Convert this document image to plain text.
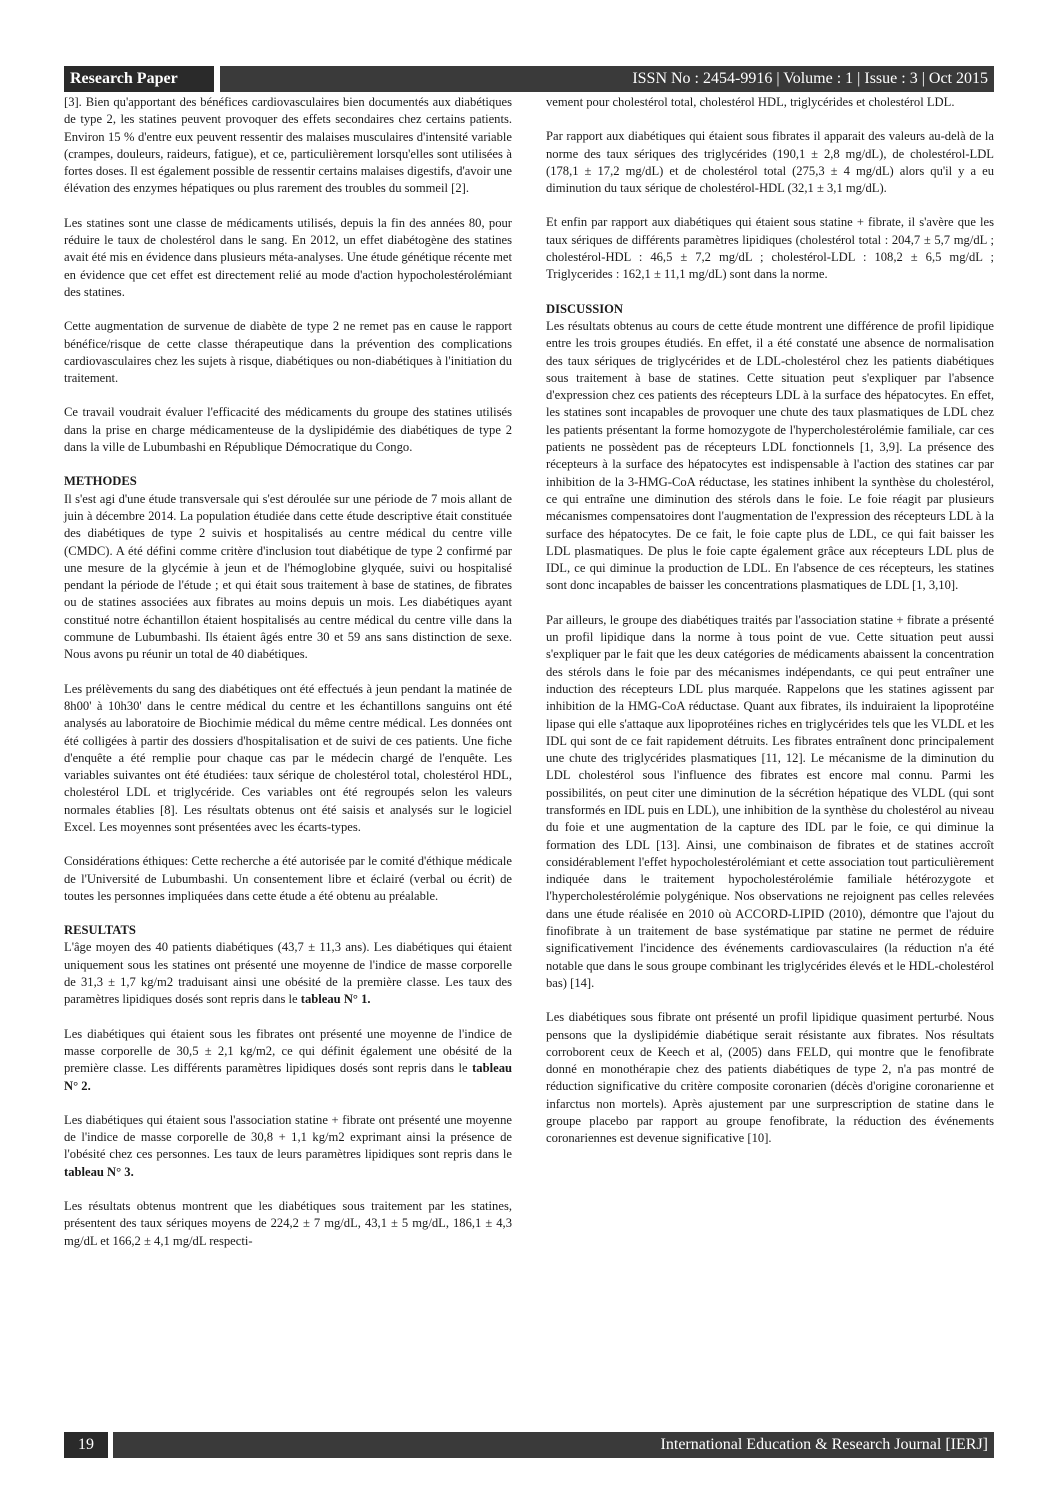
Research Paper	ISSN No : 2454-9916 | Volume : 1 | Issue : 3 | Oct 2015

[3]. Bien qu'apportant des bénéfices cardiovasculaires bien documentés aux diabétiques de type 2, les statines peuvent provoquer des effets secondaires chez certains patients. Environ 15 % d'entre eux peuvent ressentir des malaises musculaires d'intensité variable (crampes, douleurs, raideurs, fatigue), et ce, particulièrement lorsqu'elles sont utilisées à fortes doses. Il est également possible de ressentir certains malaises digestifs, d'avoir une élévation des enzymes hépatiques ou plus rarement des troubles du sommeil [2].

Les statines sont une classe de médicaments utilisés, depuis la fin des années 80, pour réduire le taux de cholestérol dans le sang. En 2012, un effet diabétogène des statines avait été mis en évidence dans plusieurs méta-analyses. Une étude génétique récente met en évidence que cet effet est directement relié au mode d'action hypocholestérolémiant des statines.

Cette augmentation de survenue de diabète de type 2 ne remet pas en cause le rapport bénéfice/risque de cette classe thérapeutique dans la prévention des complications cardiovasculaires chez les sujets à risque, diabétiques ou non-diabétiques à l'initiation du traitement.

Ce travail voudrait évaluer l'efficacité des médicaments du groupe des statines utilisés dans la prise en charge médicamenteuse de la dyslipidémie des diabétiques de type 2 dans la ville de Lubumbashi en République Démocratique du Congo.

METHODES

Il s'est agi d'une étude transversale qui s'est déroulée sur une période de 7 mois allant de juin à décembre 2014. La population étudiée dans cette étude descriptive était constituée des diabétiques de type 2 suivis et hospitalisés au centre médical du centre ville (CMDC). A été défini comme critère d'inclusion tout diabétique de type 2 confirmé par une mesure de la glycémie à jeun et de l'hémoglobine glyquée, suivi ou hospitalisé pendant la période de l'étude ; et qui était sous traitement à base de statines, de fibrates ou de statines associées aux fibrates au moins depuis un mois. Les diabétiques ayant constitué notre échantillon étaient hospitalisés au centre médical du centre ville dans la commune de Lubumbashi. Ils étaient âgés entre 30 et 59 ans sans distinction de sexe. Nous avons pu réunir un total de 40 diabétiques.

Les prélèvements du sang des diabétiques ont été effectués à jeun pendant la matinée de 8h00' à 10h30' dans le centre médical du centre et les échantillons sanguins ont été analysés au laboratoire de Biochimie médical du même centre médical. Les données ont été colligées à partir des dossiers d'hospitalisation et de suivi de ces patients. Une fiche d'enquête a été remplie pour chaque cas par le médecin chargé de l'enquête. Les variables suivantes ont été étudiées: taux sérique de cholestérol total, cholestérol HDL, cholestérol LDL et triglycéride. Ces variables ont été regroupés selon les valeurs normales établies [8]. Les résultats obtenus ont été saisis et analysés sur le logiciel Excel. Les moyennes sont présentées avec les écarts-types.

Considérations éthiques: Cette recherche a été autorisée par le comité d'éthique médicale de l'Université de Lubumbashi. Un consentement libre et éclairé (verbal ou écrit) de toutes les personnes impliquées dans cette étude a été obtenu au préalable.

RESULTATS

L'âge moyen des 40 patients diabétiques (43,7 ± 11,3 ans). Les diabétiques qui étaient uniquement sous les statines ont présenté une moyenne de l'indice de masse corporelle de 31,3 ± 1,7 kg/m2 traduisant ainsi une obésité de la première classe. Les taux des paramètres lipidiques dosés sont repris dans le tableau N° 1.

Les diabétiques qui étaient sous les fibrates ont présenté une moyenne de l'indice de masse corporelle de 30,5 ± 2,1 kg/m2, ce qui définit également une obésité de la première classe. Les différents paramètres lipidiques dosés sont repris dans le tableau N° 2.

Les diabétiques qui étaient sous l'association statine + fibrate ont présenté une moyenne de l'indice de masse corporelle de 30,8 + 1,1 kg/m2 exprimant ainsi la présence de l'obésité chez ces personnes. Les taux de leurs paramètres lipidiques sont repris dans le tableau N° 3.

Les résultats obtenus montrent que les diabétiques sous traitement par les statines, présentent des taux sériques moyens de 224,2 ± 7 mg/dL, 43,1 ± 5 mg/dL, 186,1 ± 4,3 mg/dL et 166,2 ± 4,1 mg/dL respecti-

vement pour cholestérol total, cholestérol HDL, triglycérides et cholestérol LDL.

Par rapport aux diabétiques qui étaient sous fibrates il apparait des valeurs au-delà de la norme des taux sériques des triglycérides (190,1 ± 2,8 mg/dL), de cholestérol-LDL (178,1 ± 17,2 mg/dL) et de cholestérol total (275,3 ± 4 mg/dL) alors qu'il y a eu diminution du taux sérique de cholestérol-HDL (32,1 ± 3,1 mg/dL).

Et enfin par rapport aux diabétiques qui étaient sous statine + fibrate, il s'avère que les taux sériques de différents paramètres lipidiques (cholestérol total : 204,7 ± 5,7 mg/dL ; cholestérol-HDL : 46,5 ± 7,2 mg/dL ; cholestérol-LDL : 108,2 ± 6,5 mg/dL ; Triglycerides : 162,1 ± 11,1 mg/dL) sont dans la norme.

DISCUSSION

Les résultats obtenus au cours de cette étude montrent une différence de profil lipidique entre les trois groupes étudiés. En effet, il a été constaté une absence de normalisation des taux sériques de triglycérides et de LDL-cholestérol chez les patients diabétiques sous traitement à base de statines. Cette situation peut s'expliquer par l'absence d'expression chez ces patients des récepteurs LDL à la surface des hépatocytes. En effet, les statines sont incapables de provoquer une chute des taux plasmatiques de LDL chez les patients présentant la forme homozygote de l'hypercholestérolémie familiale, car ces patients ne possèdent pas de récepteurs LDL fonctionnels [1, 3,9]. La présence des récepteurs à la surface des hépatocytes est indispensable à l'action des statines car par inhibition de la 3-HMG-CoA réductase, les statines inhibent la synthèse du cholestérol, ce qui entraîne une diminution des stérols dans le foie. Le foie réagit par plusieurs mécanismes compensatoires dont l'augmentation de l'expression des récepteurs LDL à la surface des hépatocytes. De ce fait, le foie capte plus de LDL, ce qui fait baisser les LDL plasmatiques. De plus le foie capte également grâce aux récepteurs LDL plus de IDL, ce qui diminue la production de LDL. En l'absence de ces récepteurs, les statines sont donc incapables de baisser les concentrations plasmatiques de LDL [1, 3,10].

Par ailleurs, le groupe des diabétiques traités par l'association statine + fibrate a présenté un profil lipidique dans la norme à tous point de vue. Cette situation peut aussi s'expliquer par le fait que les deux catégories de médicaments abaissent la concentration des stérols dans le foie par des mécanismes indépendants, ce qui peut entraîner une induction des récepteurs LDL plus marquée. Rappelons que les statines agissent par inhibition de la HMG-CoA réductase. Quant aux fibrates, ils induiraient la lipoprotéine lipase qui elle s'attaque aux lipoprotéines riches en triglycérides tels que les VLDL et les IDL qui sont de ce fait rapidement détruits. Les fibrates entraînent donc principalement une chute des triglycérides plasmatiques [11, 12]. Le mécanisme de la diminution du LDL cholestérol sous l'influence des fibrates est encore mal connu. Parmi les possibilités, on peut citer une diminution de la sécrétion hépatique des VLDL (qui sont transformés en IDL puis en LDL), une inhibition de la synthèse du cholestérol au niveau du foie et une augmentation de la capture des IDL par le foie, ce qui diminue la formation des LDL [13]. Ainsi, une combinaison de fibrates et de statines accroît considérablement l'effet hypocholestérolémiant et cette association tout particulièrement indiquée dans le traitement hypocholestérolémie familiale hétérozygote et l'hypercholestérolémie polygénique. Nos observations ne rejoignent pas celles relevées dans une étude réalisée en 2010 où ACCORD-LIPID (2010), démontre que l'ajout du finofibrate à un traitement de base systématique par statine ne permet de réduire significativement l'incidence des événements cardiovasculaires (la réduction n'a été notable que dans le sous groupe combinant les triglycérides élevés et le HDL-cholestérol bas) [14].

Les diabétiques sous fibrate ont présenté un profil lipidique quasiment perturbé. Nous pensons que la dyslipidémie diabétique serait résistante aux fibrates. Nos résultats corroborent ceux de Keech et al, (2005) dans FELD, qui montre que le fenofibrate donné en monothérapie chez des patients diabétiques de type 2, n'a pas montré de réduction significative du critère composite coronarien (décès d'origine coronarienne et infarctus non mortels). Après ajustement par une surprescription de statine dans le groupe placebo par rapport au groupe fenofibrate, la réduction des événements coronariennes est devenue significative [10].

19	International Education & Research Journal [IERJ]
